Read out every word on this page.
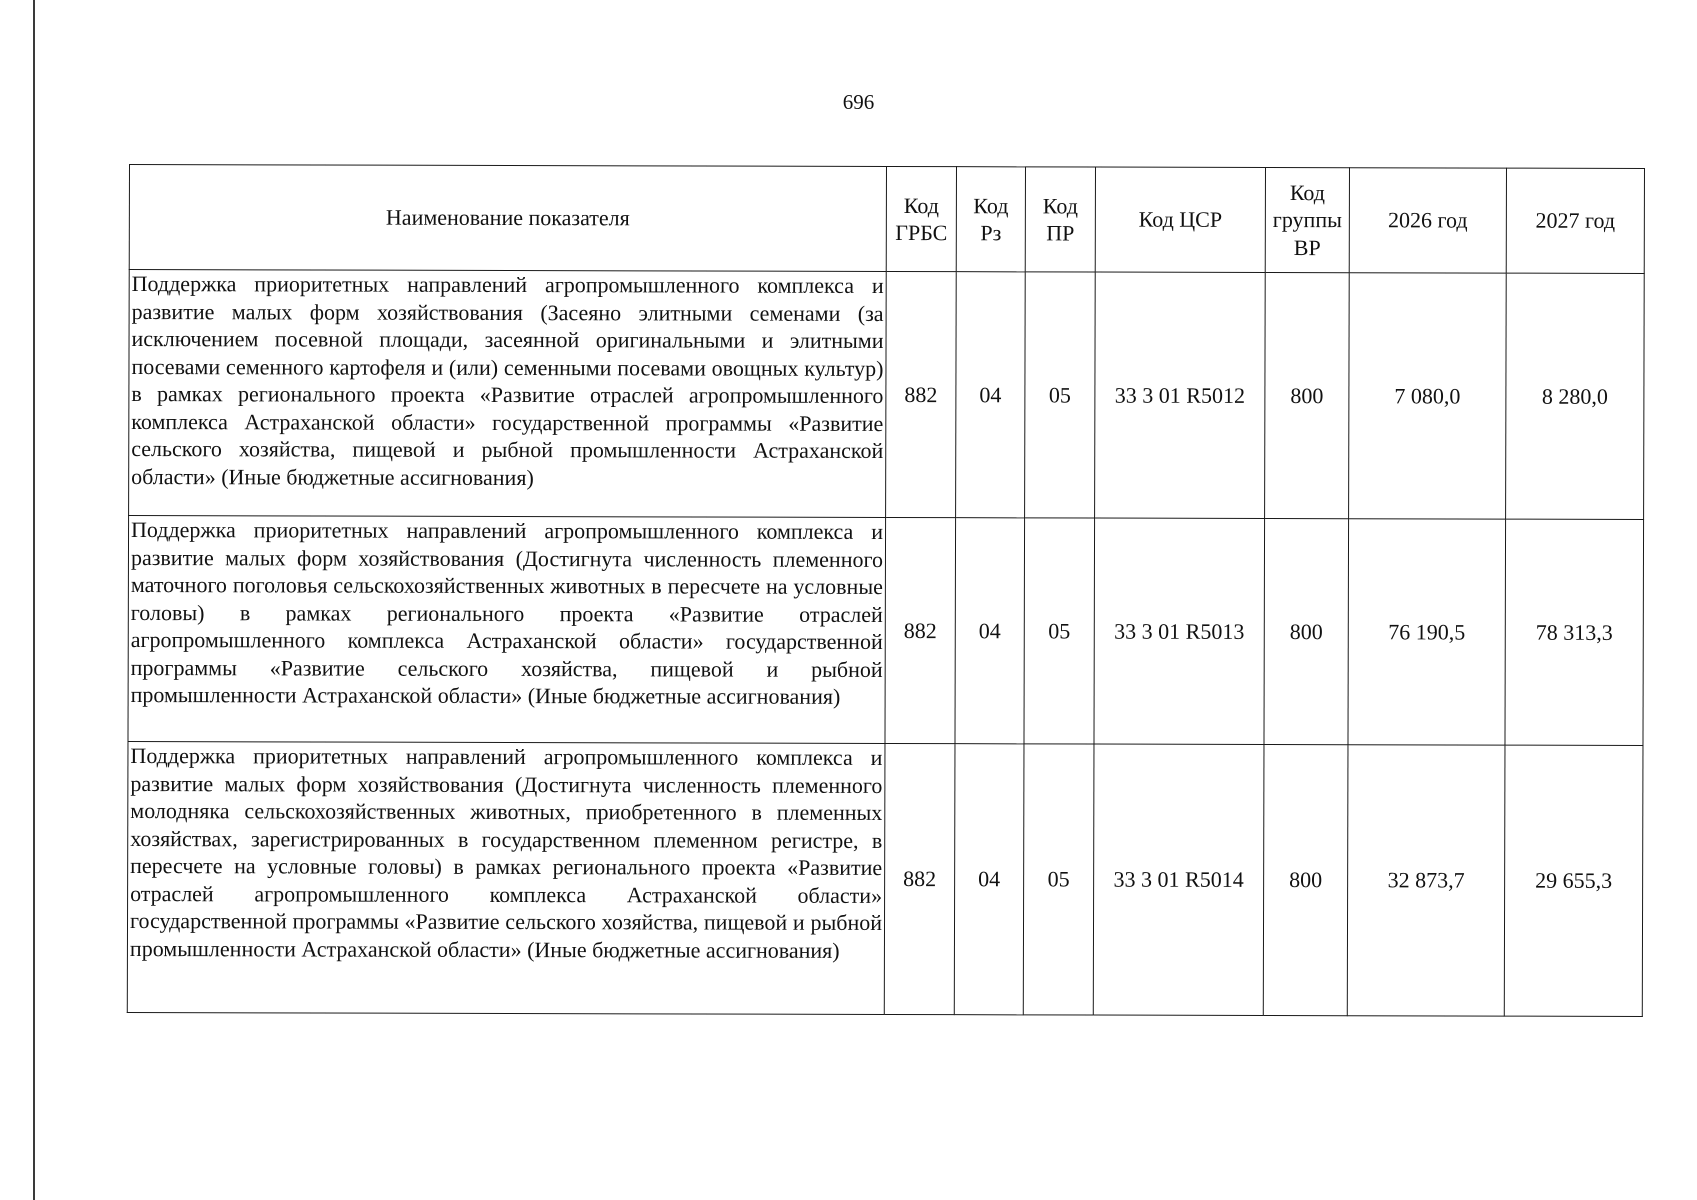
696
Наименование показателя	Код ГРБС	Код Рз	Код ПР	Код ЦСР	Код группы ВР	2026 год	2027 год
Поддержка приоритетных направлений агропромышленного комплекса и развитие малых форм хозяйствования (Засеяно элитными семенами (за исключением посевной площади, засеянной оригинальными и элитными посевами семенного картофеля и (или) семенными посевами овощных культур) в рамках регионального проекта «Развитие отраслей агропромышленного комплекса Астраханской области» государственной программы «Развитие сельского хозяйства, пищевой и рыбной промышленности Астраханской области» (Иные бюджетные ассигнования)	882	04	05	33 3 01 R5012	800	7 080,0	8 280,0
Поддержка приоритетных направлений агропромышленного комплекса и развитие малых форм хозяйствования (Достигнута численность племенного маточного поголовья сельскохозяйственных животных в пересчете на условные головы) в рамках регионального проекта «Развитие отраслей агропромышленного комплекса Астраханской области» государственной программы «Развитие сельского хозяйства, пищевой и рыбной промышленности Астраханской области» (Иные бюджетные ассигнования)	882	04	05	33 3 01 R5013	800	76 190,5	78 313,3
Поддержка приоритетных направлений агропромышленного комплекса и развитие малых форм хозяйствования (Достигнута численность племенного молодняка сельскохозяйственных животных, приобретенного в племенных хозяйствах, зарегистрированных в государственном племенном регистре, в пересчете на условные головы) в рамках регионального проекта «Развитие отраслей агропромышленного комплекса Астраханской области» государственной программы «Развитие сельского хозяйства, пищевой и рыбной промышленности Астраханской области» (Иные бюджетные ассигнования)	882	04	05	33 3 01 R5014	800	32 873,7	29 655,3
